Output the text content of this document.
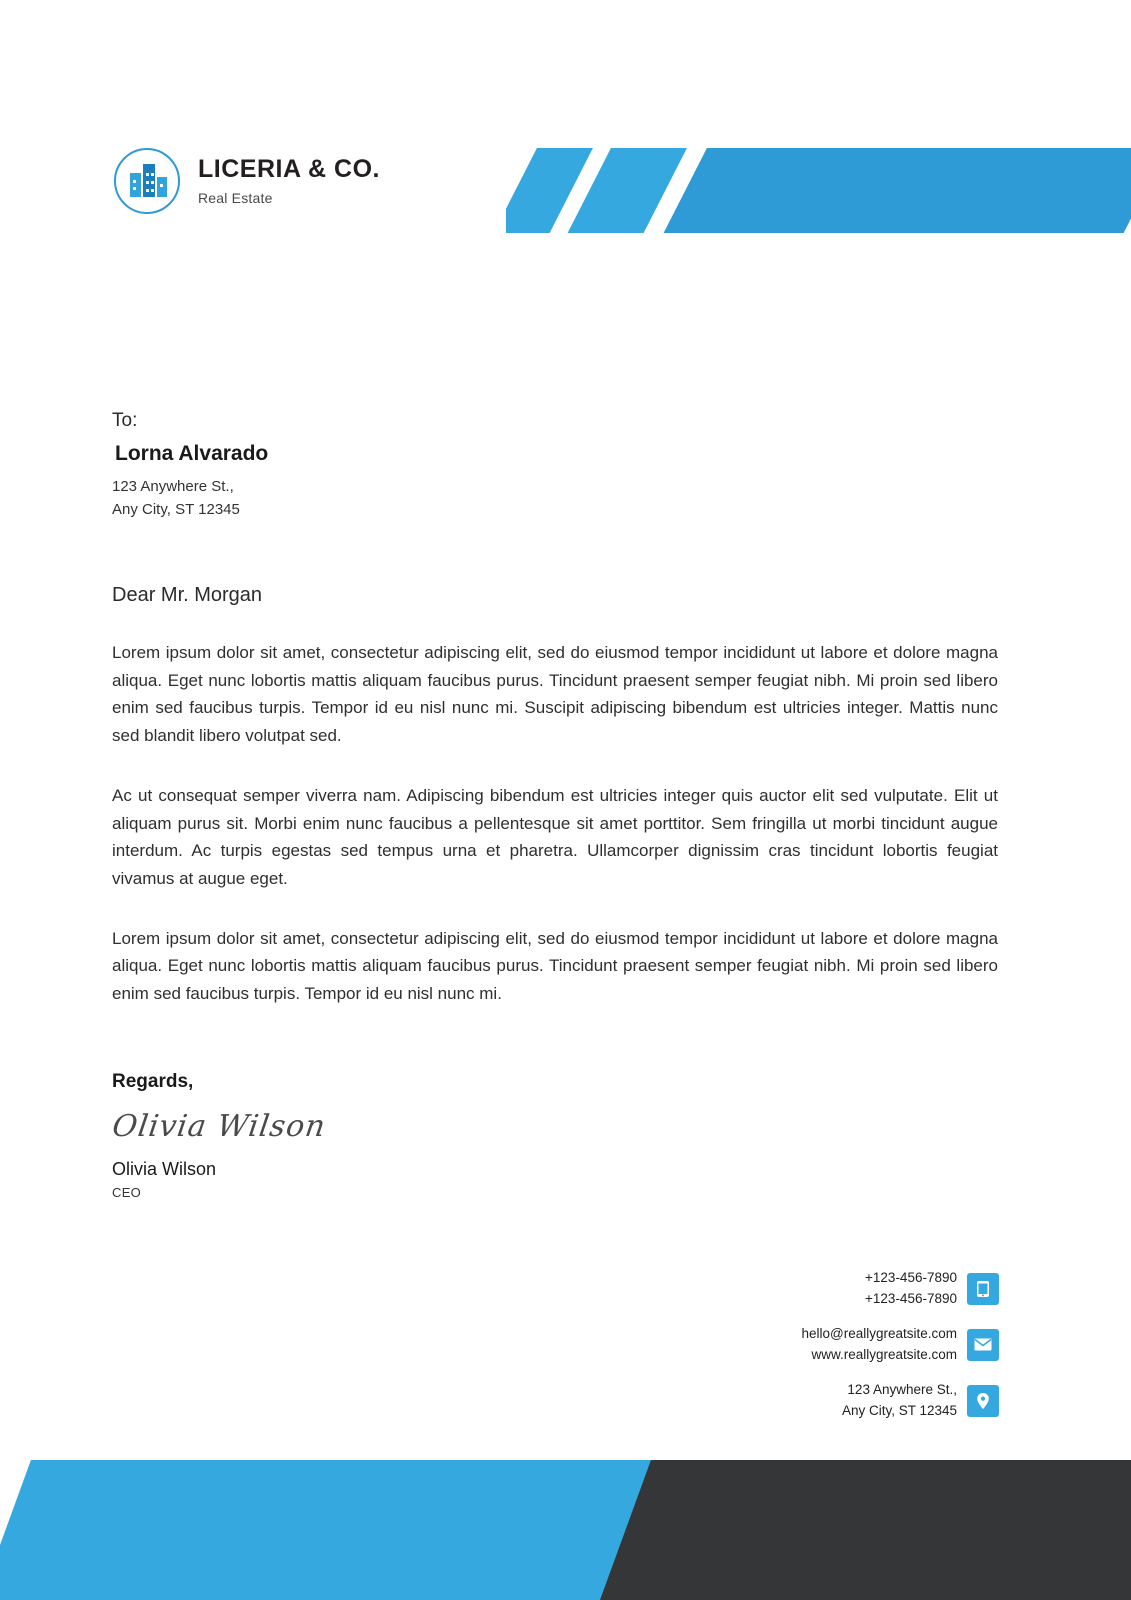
LICERIA & CO.
Real Estate
To:
Lorna Alvarado
123 Anywhere St.,
Any City, ST 12345
Dear Mr. Morgan

Lorem ipsum dolor sit amet, consectetur adipiscing elit, sed do eiusmod tempor incididunt ut labore et dolore magna aliqua. Eget nunc lobortis mattis aliquam faucibus purus. Tincidunt praesent semper feugiat nibh. Mi proin sed libero enim sed faucibus turpis. Tempor id eu nisl nunc mi. Suscipit adipiscing bibendum est ultricies integer. Mattis nunc sed blandit libero volutpat sed.

Ac ut consequat semper viverra nam. Adipiscing bibendum est ultricies integer quis auctor elit sed vulputate. Elit ut aliquam purus sit. Morbi enim nunc faucibus a pellentesque sit amet porttitor. Sem fringilla ut morbi tincidunt augue interdum. Ac turpis egestas sed tempus urna et pharetra. Ullamcorper dignissim cras tincidunt lobortis feugiat vivamus at augue eget.

Lorem ipsum dolor sit amet, consectetur adipiscing elit, sed do eiusmod tempor incididunt ut labore et dolore magna aliqua. Eget nunc lobortis mattis aliquam faucibus purus. Tincidunt praesent semper feugiat nibh. Mi proin sed libero enim sed faucibus turpis. Tempor id eu nisl nunc mi.

Regards,
Olivia Wilson
Olivia Wilson
CEO
+123-456-7890
+123-456-7890
hello@reallygreatsite.com
www.reallygreatsite.com
123 Anywhere St.,
Any City, ST 12345
